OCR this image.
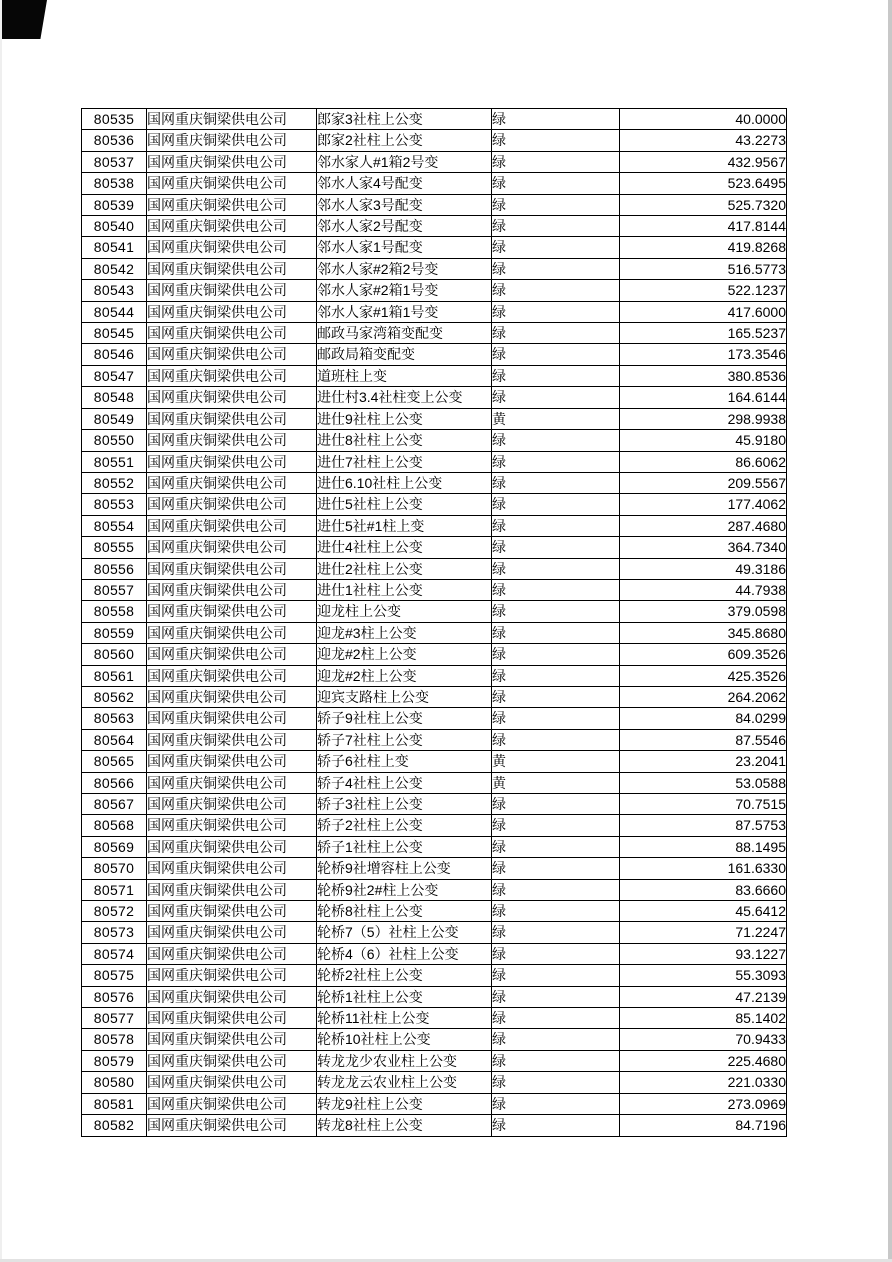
80535	国网重庆铜梁供电公司	郎家3社柱上公变	绿	40.0000
80536	国网重庆铜梁供电公司	郎家2社柱上公变	绿	43.2273
80537	国网重庆铜梁供电公司	邻水家人#1箱2号变	绿	432.9567
80538	国网重庆铜梁供电公司	邻水人家4号配变	绿	523.6495
80539	国网重庆铜梁供电公司	邻水人家3号配变	绿	525.7320
80540	国网重庆铜梁供电公司	邻水人家2号配变	绿	417.8144
80541	国网重庆铜梁供电公司	邻水人家1号配变	绿	419.8268
80542	国网重庆铜梁供电公司	邻水人家#2箱2号变	绿	516.5773
80543	国网重庆铜梁供电公司	邻水人家#2箱1号变	绿	522.1237
80544	国网重庆铜梁供电公司	邻水人家#1箱1号变	绿	417.6000
80545	国网重庆铜梁供电公司	邮政马家湾箱变配变	绿	165.5237
80546	国网重庆铜梁供电公司	邮政局箱变配变	绿	173.3546
80547	国网重庆铜梁供电公司	道班柱上变	绿	380.8536
80548	国网重庆铜梁供电公司	进仕村3.4社柱变上公变	绿	164.6144
80549	国网重庆铜梁供电公司	进仕9社柱上公变	黄	298.9938
80550	国网重庆铜梁供电公司	进仕8社柱上公变	绿	45.9180
80551	国网重庆铜梁供电公司	进仕7社柱上公变	绿	86.6062
80552	国网重庆铜梁供电公司	进仕6.10社柱上公变	绿	209.5567
80553	国网重庆铜梁供电公司	进仕5社柱上公变	绿	177.4062
80554	国网重庆铜梁供电公司	进仕5社#1柱上变	绿	287.4680
80555	国网重庆铜梁供电公司	进仕4社柱上公变	绿	364.7340
80556	国网重庆铜梁供电公司	进仕2社柱上公变	绿	49.3186
80557	国网重庆铜梁供电公司	进仕1社柱上公变	绿	44.7938
80558	国网重庆铜梁供电公司	迎龙柱上公变	绿	379.0598
80559	国网重庆铜梁供电公司	迎龙#3柱上公变	绿	345.8680
80560	国网重庆铜梁供电公司	迎龙#2柱上公变	绿	609.3526
80561	国网重庆铜梁供电公司	迎龙#2柱上公变	绿	425.3526
80562	国网重庆铜梁供电公司	迎宾支路柱上公变	绿	264.2062
80563	国网重庆铜梁供电公司	轿子9社柱上公变	绿	84.0299
80564	国网重庆铜梁供电公司	轿子7社柱上公变	绿	87.5546
80565	国网重庆铜梁供电公司	轿子6社柱上变	黄	23.2041
80566	国网重庆铜梁供电公司	轿子4社柱上公变	黄	53.0588
80567	国网重庆铜梁供电公司	轿子3社柱上公变	绿	70.7515
80568	国网重庆铜梁供电公司	轿子2社柱上公变	绿	87.5753
80569	国网重庆铜梁供电公司	轿子1社柱上公变	绿	88.1495
80570	国网重庆铜梁供电公司	轮桥9社增容柱上公变	绿	161.6330
80571	国网重庆铜梁供电公司	轮桥9社2#柱上公变	绿	83.6660
80572	国网重庆铜梁供电公司	轮桥8社柱上公变	绿	45.6412
80573	国网重庆铜梁供电公司	轮桥7（5）社柱上公变	绿	71.2247
80574	国网重庆铜梁供电公司	轮桥4（6）社柱上公变	绿	93.1227
80575	国网重庆铜梁供电公司	轮桥2社柱上公变	绿	55.3093
80576	国网重庆铜梁供电公司	轮桥1社柱上公变	绿	47.2139
80577	国网重庆铜梁供电公司	轮桥11社柱上公变	绿	85.1402
80578	国网重庆铜梁供电公司	轮桥10社柱上公变	绿	70.9433
80579	国网重庆铜梁供电公司	转龙龙少农业柱上公变	绿	225.4680
80580	国网重庆铜梁供电公司	转龙龙云农业柱上公变	绿	221.0330
80581	国网重庆铜梁供电公司	转龙9社柱上公变	绿	273.0969
80582	国网重庆铜梁供电公司	转龙8社柱上公变	绿	84.7196
